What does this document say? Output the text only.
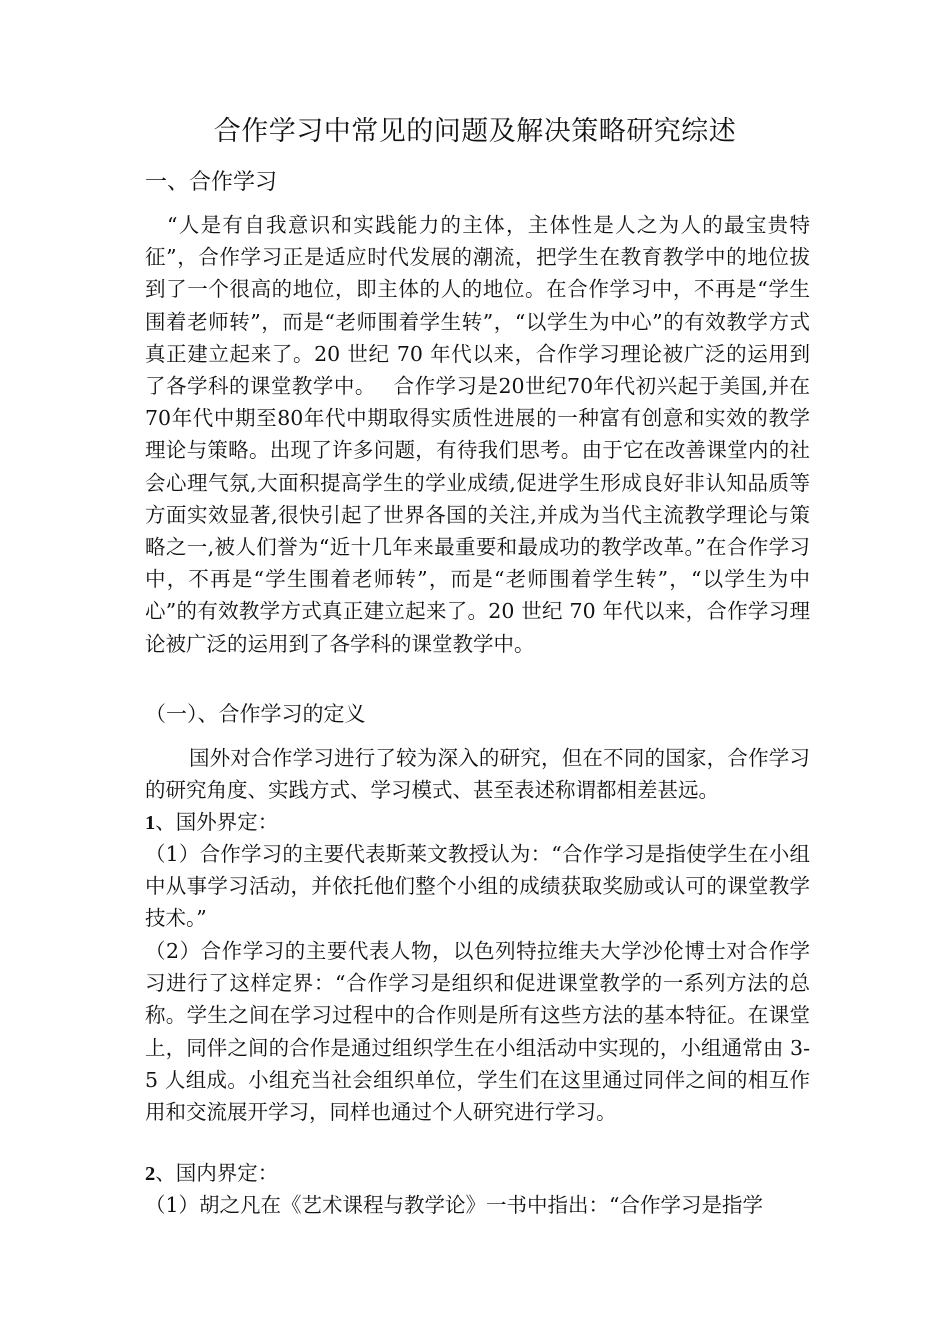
合作学习中常见的问题及解决策略研究综述
一、合作学习

“人是有自我意识和实践能力的主体，主体性是人之为人的最宝贵特征”，合作学习正是适应时代发展的潮流，把学生在教育教学中的地位拔到了一个很高的地位，即主体的人的地位。在合作学习中，不再是“学生围着老师转”，而是“老师围着学生转”，“以学生为中心”的有效教学方式真正建立起来了。20 世纪 70 年代以来，合作学习理论被广泛的运用到了各学科的课堂教学中。　 合作学习是20世纪70年代初兴起于美国,并在70年代中期至80年代中期取得实质性进展的一种富有创意和实效的教学理论与策略。出现了许多问题，有待我们思考。由于它在改善课堂内的社会心理气氛,大面积提高学生的学业成绩,促进学生形成良好非认知品质等方面实效显著,很快引起了世界各国的关注,并成为当代主流教学理论与策略之一,被人们誉为“近十几年来最重要和最成功的教学改革。”在合作学习中，不再是“学生围着老师转”，而是“老师围着学生转”，“以学生为中心”的有效教学方式真正建立起来了。20 世纪 70 年代以来，合作学习理论被广泛的运用到了各学科的课堂教学中。

（一）、合作学习的定义

国外对合作学习进行了较为深入的研究，但在不同的国家，合作学习的研究角度、实践方式、学习模式、甚至表述称谓都相差甚远。

1、国外界定：

（1）合作学习的主要代表斯莱文教授认为：“合作学习是指使学生在小组中从事学习活动，并依托他们整个小组的成绩获取奖励或认可的课堂教学技术。”

（2）合作学习的主要代表人物，以色列特拉维夫大学沙伦博士对合作学习进行了这样定界：“合作学习是组织和促进课堂教学的一系列方法的总称。学生之间在学习过程中的合作则是所有这些方法的基本特征。在课堂上，同伴之间的合作是通过组织学生在小组活动中实现的，小组通常由 3-5 人组成。小组充当社会组织单位，学生们在这里通过同伴之间的相互作用和交流展开学习，同样也通过个人研究进行学习。

2、国内界定：

（1）胡之凡在《艺术课程与教学论》一书中指出：“合作学习是指学
